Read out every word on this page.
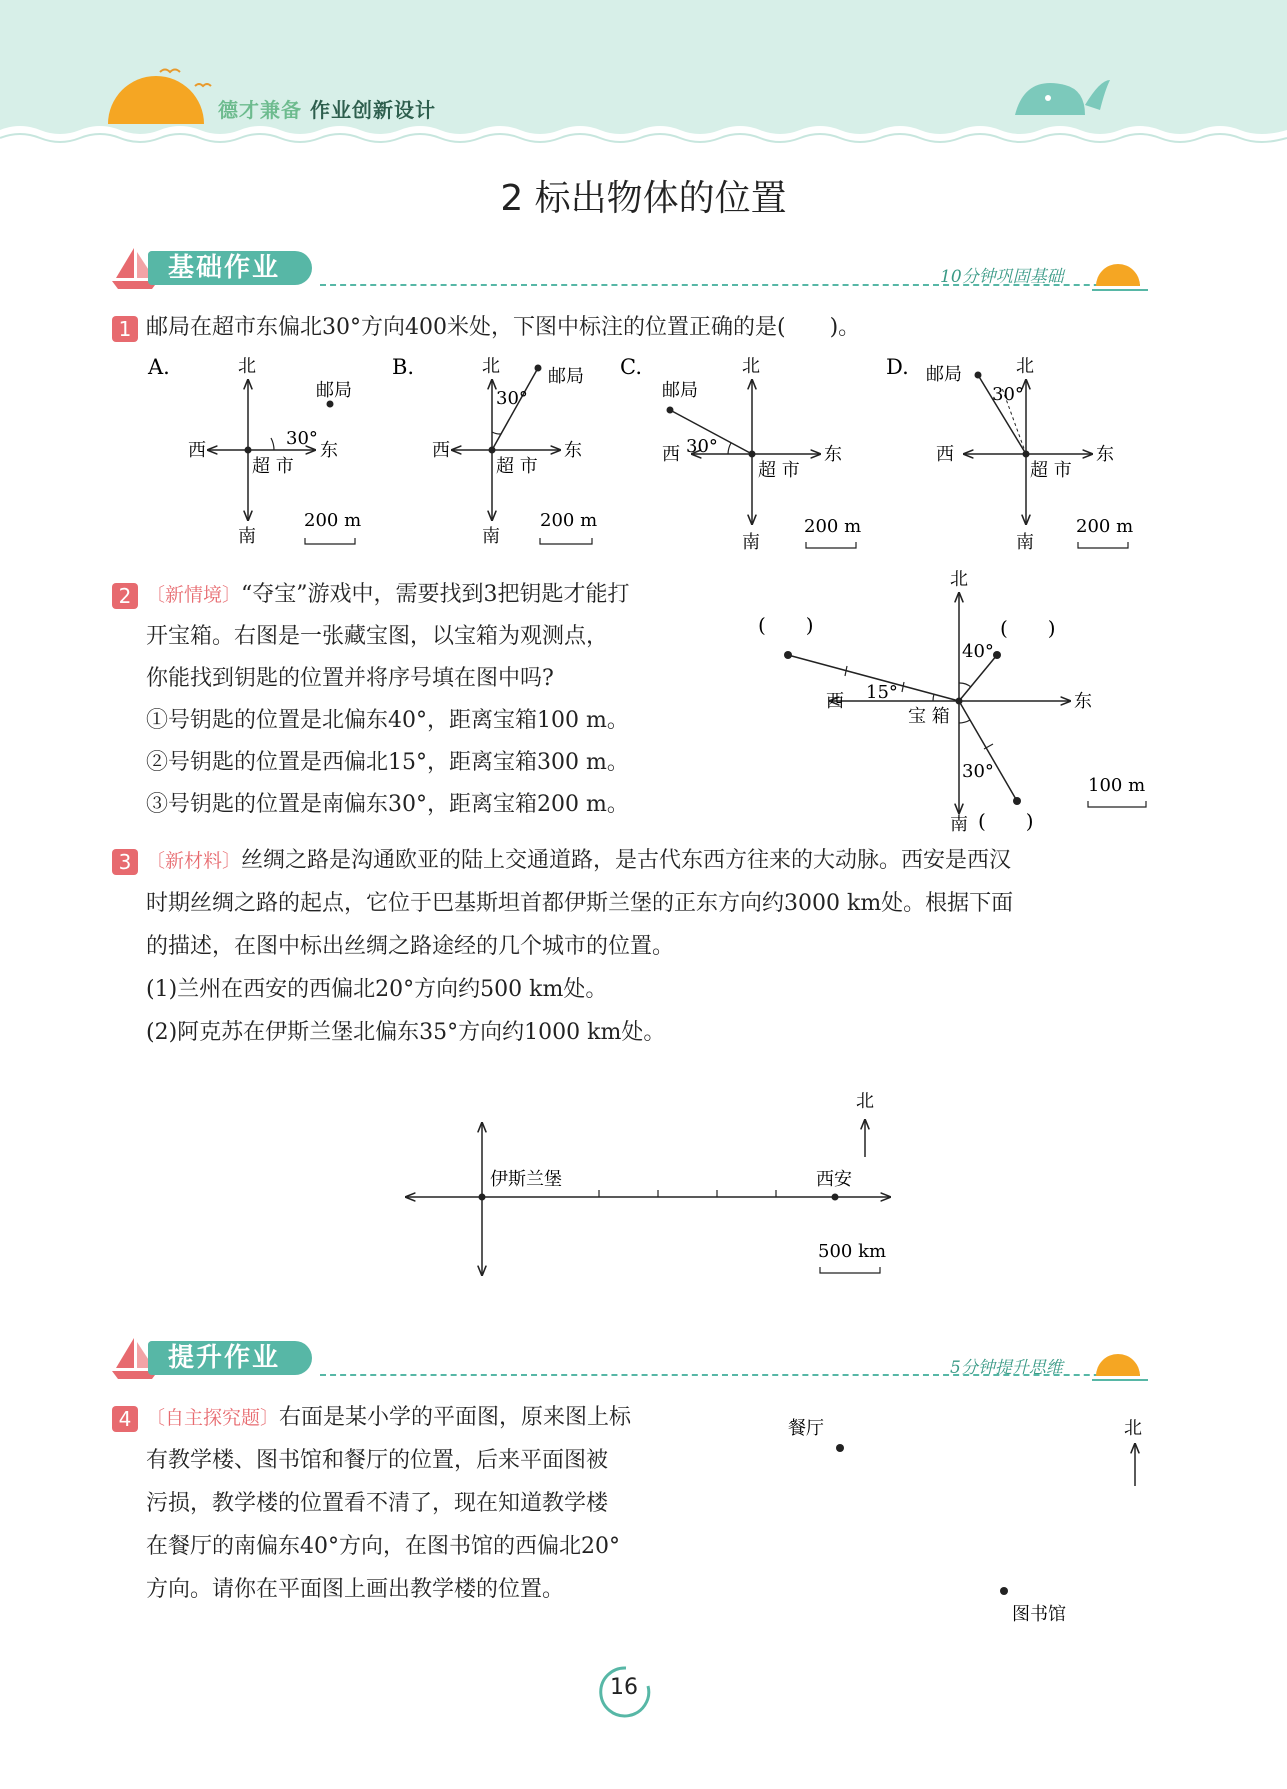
德才兼备 作业创新设计
2 标出物体的位置
基础作业	10分钟巩固基础
1 邮局在超市东偏北30°方向400米处，下图中标注的位置正确的是(　　)。
A.	北
南
西	东
超 市
邮局
30°
200 m
B.	北
南
西	东
超 市
邮局
30°
200 m
C.	北
南
西	东
超 市
邮局
30°
200 m
D.	北
南
西	东
超 市
邮局
30°
200 m
2 〔新情境〕“夺宝”游戏中，需要找到3把钥匙才能打
开宝箱。右图是一张藏宝图，以宝箱为观测点，
你能找到钥匙的位置并将序号填在图中吗?
①号钥匙的位置是北偏东40°，距离宝箱100 m。
②号钥匙的位置是西偏北15°，距离宝箱300 m。
③号钥匙的位置是南偏东30°，距离宝箱200 m。
北
南
西	东
宝 箱
40°
15°
30°
(　　)	(　　)
(　　)
100 m
3 〔新材料〕丝绸之路是沟通欧亚的陆上交通道路，是古代东西方往来的大动脉。西安是西汉
时期丝绸之路的起点，它位于巴基斯坦首都伊斯兰堡的正东方向约3000 km处。根据下面
的描述，在图中标出丝绸之路途经的几个城市的位置。
(1)兰州在西安的西偏北20°方向约500 km处。
(2)阿克苏在伊斯兰堡北偏东35°方向约1000 km处。
伊斯兰堡	西安
北
500 km
提升作业	5分钟提升思维
4 〔自主探究题〕右面是某小学的平面图，原来图上标
有教学楼、图书馆和餐厅的位置，后来平面图被
污损，教学楼的位置看不清了，现在知道教学楼
在餐厅的南偏东40°方向，在图书馆的西偏北20°
方向。请你在平面图上画出教学楼的位置。
餐厅
图书馆
北
16
